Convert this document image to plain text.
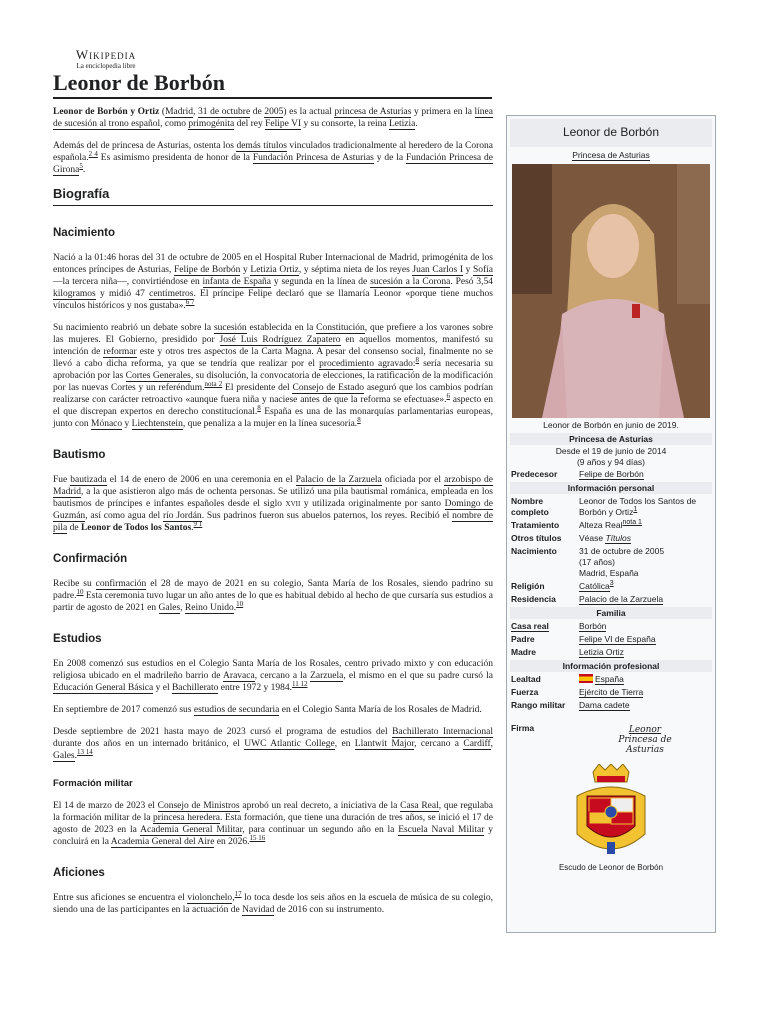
Wikipedia
La enciclopedia libre
Leonor de Borbón

Leonor de Borbón y Ortiz (Madrid, 31 de octubre de 2005) es la actual princesa de Asturias y primera en la línea de sucesión al trono español, como primogénita del rey Felipe VI y su consorte, la reina Letizia.

Además del de princesa de Asturias, ostenta los demás títulos vinculados tradicionalmente al heredero de la Corona española.$^{2 4}$ Es asimismo presidenta de honor de la Fundación Princesa de Asturias y de la Fundación Princesa de Girona$^5$.

Biografía
Nacimiento

Nació a la 01:46 horas del 31 de octubre de 2005 en el Hospital Ruber Internacional de Madrid, primogénita de los entonces príncipes de Asturias, Felipe de Borbón y Letizia Ortiz, y séptima nieta de los reyes Juan Carlos I y Sofía —la tercera niña—, convirtiéndose en infanta de España y segunda en la línea de sucesión a la Corona. Pesó 3,54 kilogramos y midió 47 centímetros. El príncipe Felipe declaró que se llamaría Leonor «porque tiene muchos vínculos históricos y nos gustaba».$^{6 7}$

Su nacimiento reabrió un debate sobre la sucesión establecida en la Constitución, que prefiere a los varones sobre las mujeres. El Gobierno, presidido por José Luis Rodríguez Zapatero en aquellos momentos, manifestó su intención de reformar este y otros tres aspectos de la Carta Magna. A pesar del consenso social, finalmente no se llevó a cabo dicha reforma, ya que se tendría que realizar por el procedimiento agravado:$^8$ sería necesaria su aprobación por las Cortes Generales, su disolución, la convocatoria de elecciones, la ratificación de la modificación por las nuevas Cortes y un referéndum.$^{nota 2}$ El presidente del Consejo de Estado aseguró que los cambios podrían realizarse con carácter retroactivo «aunque fuera niña y naciese antes de que la reforma se efectuase».$^6$ aspecto en el que discrepan expertos en derecho constitucional.$^8$ España es una de las monarquías parlamentarias europeas, junto con Mónaco y Liechtenstein, que penaliza a la mujer en la línea sucesoria.$^8$

Bautismo

Fue bautizada el 14 de enero de 2006 en una ceremonia en el Palacio de la Zarzuela oficiada por el arzobispo de Madrid, a la que asistieron algo más de ochenta personas. Se utilizó una pila bautismal románica, empleada en los bautismos de príncipes e infantes españoles desde el siglo XVII y utilizada originalmente por santo Domingo de Guzmán, así como agua del río Jordán. Sus padrinos fueron sus abuelos paternos, los reyes. Recibió el nombre de pila de Leonor de Todos los Santos.$^{9 1}$

Confirmación

Recibe su confirmación el 28 de mayo de 2021 en su colegio, Santa María de los Rosales, siendo padrino su padre.$^{10}$ Esta ceremonia tuvo lugar un año antes de lo que es habitual debido al hecho de que cursaría sus estudios a partir de agosto de 2021 en Gales, Reino Unido.$^{10}$

Estudios

En 2008 comenzó sus estudios en el Colegio Santa María de los Rosales, centro privado mixto y con educación religiosa ubicado en el madrileño barrio de Aravaca, cercano a la Zarzuela, el mismo en el que su padre cursó la Educación General Básica y el Bachillerato entre 1972 y 1984.$^{11 12}$

En septiembre de 2017 comenzó sus estudios de secundaria en el Colegio Santa María de los Rosales de Madrid.

Desde septiembre de 2021 hasta mayo de 2023 cursó el programa de estudios del Bachillerato Internacional durante dos años en un internado británico, el UWC Atlantic College, en Llantwit Major, cercano a Cardiff, Gales.$^{13 14}$

Formación militar

El 14 de marzo de 2023 el Consejo de Ministros aprobó un real decreto, a iniciativa de la Casa Real, que regulaba la formación militar de la princesa heredera. Esta formación, que tiene una duración de tres años, se inició el 17 de agosto de 2023 en la Academia General Militar, para continuar un segundo año en la Escuela Naval Militar y concluirá en la Academia General del Aire en 2026.$^{15 16}$

Aficiones

Entre sus aficiones se encuentra el violonchelo,$^{17}$ lo toca desde los seis años en la escuela de música de su colegio, siendo una de las participantes en la actuación de Navidad de 2016 con su instrumento.

Leonor de Borbón
Princesa de Asturias
Leonor de Borbón en junio de 2019.
Princesa de Asturias
Desde el 19 de junio de 2014
(9 años y 94 días)
Predecesor	Felipe de Borbón
Información personal
Nombre completo	Leonor de Todos los Santos de Borbón y Ortiz$^1$
Tratamiento	Alteza Real$^{nota 1}$
Otros títulos	Véase Títulos
Nacimiento	31 de octubre de 2005
(17 años)
Madrid, España

Religión	Católica$^3$
Residencia	Palacio de la Zarzuela
Familia
Casa real	Borbón
Padre	Felipe VI de España
Madre	Letizia Ortiz
Información profesional
Lealtad	España
Fuerza	Ejército de Tierra
Rango militar	Dama cadete
Firma	Leonor
Princesa de
Asturias
Escudo de Leonor de Borbón
